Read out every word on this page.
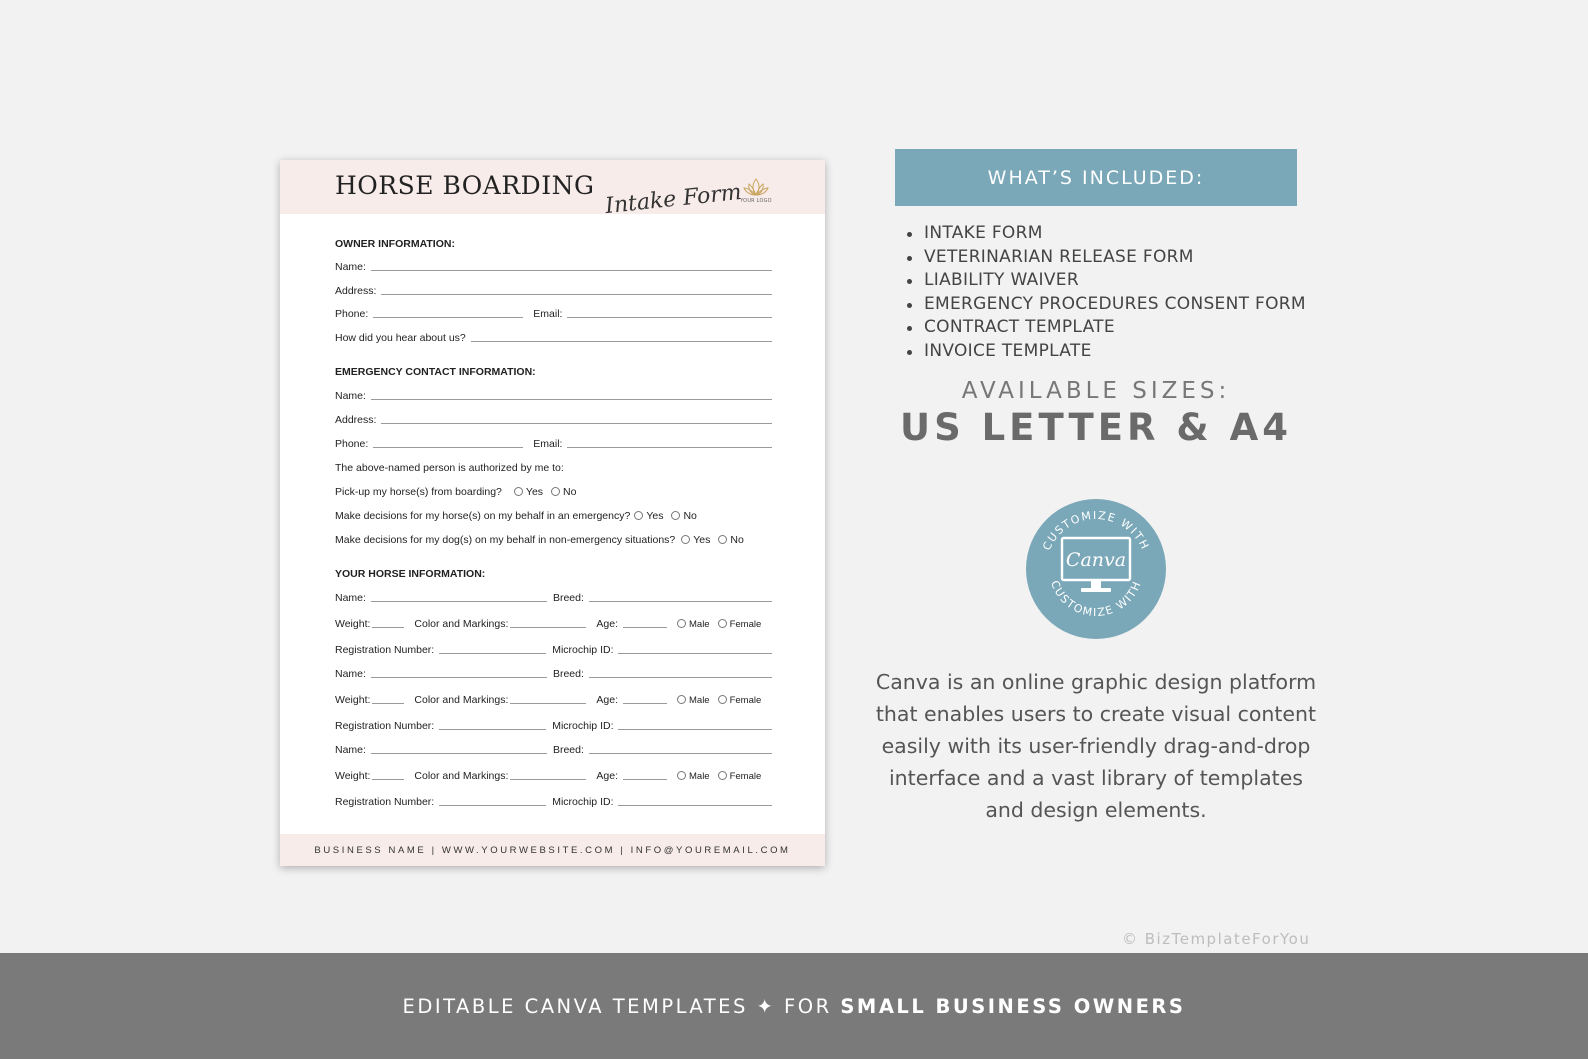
HORSE BOARDING Intake Form
YOUR LOGO
OWNER INFORMATION:
Name:
Address:
Phone:	Email:
How did you hear about us?
EMERGENCY CONTACT INFORMATION:
Name:
Address:
Phone:	Email:
The above-named person is authorized by me to:
Pick-up my horse(s) from boarding? Yes No
Make decisions for my horse(s) on my behalf in an emergency? Yes No
Make decisions for my dog(s) on my behalf in non-emergency situations? Yes No
YOUR HORSE INFORMATION:
Name:	Breed:
Weight:	Color and Markings:	Age:	Male Female
Registration Number:	Microchip ID:
Name:	Breed:
Weight:	Color and Markings:	Age:	Male Female
Registration Number:	Microchip ID:
Name:	Breed:
Weight:	Color and Markings:	Age:	Male Female
Registration Number:	Microchip ID:
BUSINESS NAME | WWW.YOURWEBSITE.COM | INFO@YOUREMAIL.COM
WHAT’S INCLUDED:
INTAKE FORM
VETERINARIAN RELEASE FORM
LIABILITY WAIVER
EMERGENCY PROCEDURES CONSENT FORM
CONTRACT TEMPLATE
INVOICE TEMPLATE
AVAILABLE SIZES:
US LETTER & A4
CUSTOMIZE WITH
CUSTOMIZE WITH
Canva
Canva is an online graphic design platform that enables users to create visual content easily with its user-friendly drag-and-drop interface and a vast library of templates and design elements.
© BizTemplateForYou
EDITABLE CANVA TEMPLATES ✦ FOR SMALL BUSINESS OWNERS
